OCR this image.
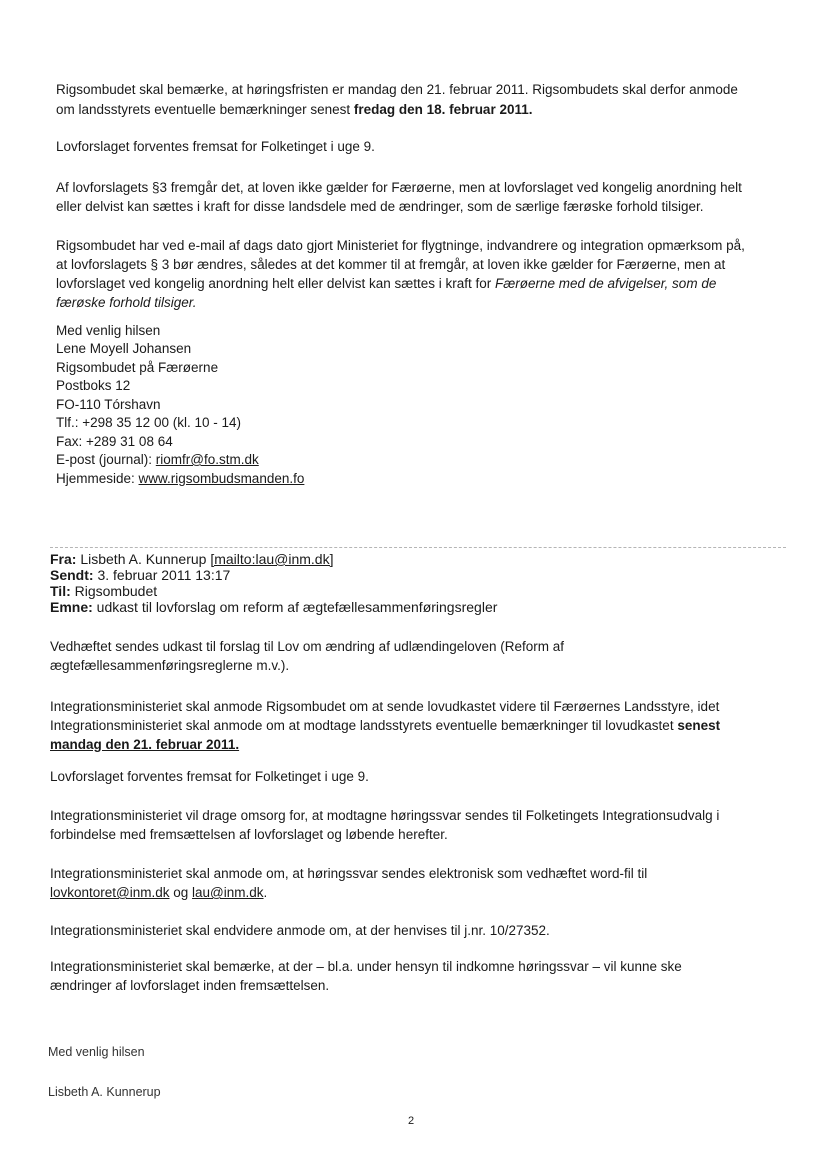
Rigsombudet skal bemærke, at høringsfristen er mandag den 21. februar 2011. Rigsombudets skal derfor anmode
om landsstyrets eventuelle bemærkninger senest fredag den 18. februar 2011.
Lovforslaget forventes fremsat for Folketinget i uge 9.
Af lovforslagets §3 fremgår det, at loven ikke gælder for Færøerne, men at lovforslaget ved kongelig anordning helt
eller delvist kan sættes i kraft for disse landsdele med de ændringer, som de særlige færøske forhold tilsiger.
Rigsombudet har ved e-mail af dags dato gjort Ministeriet for flygtninge, indvandrere og integration opmærksom på,
at lovforslagets § 3 bør ændres, således at det kommer til at fremgår, at loven ikke gælder for Færøerne, men at
lovforslaget ved kongelig anordning helt eller delvist kan sættes i kraft for Færøerne med de afvigelser, som de
færøske forhold tilsiger.
Med venlig hilsen
Lene Moyell Johansen
Rigsombudet på Færøerne
Postboks 12
FO-110 Tórshavn
Tlf.: +298 35 12 00 (kl. 10 - 14)
Fax: +289 31 08 64
E-post (journal): riomfr@fo.stm.dk
Hjemmeside: www.rigsombudsmanden.fo
Fra: Lisbeth A. Kunnerup [mailto:lau@inm.dk]
Sendt: 3. februar 2011 13:17
Til: Rigsombudet
Emne: udkast til lovforslag om reform af ægtefællesammenføringsregler
Vedhæftet sendes udkast til forslag til Lov om ændring af udlændingeloven (Reform af
ægtefællesammenføringsreglerne m.v.).
Integrationsministeriet skal anmode Rigsombudet om at sende lovudkastet videre til Færøernes Landsstyre, idet
Integrationsministeriet skal anmode om at modtage landsstyrets eventuelle bemærkninger til lovudkastet senest
mandag den 21. februar 2011.
Lovforslaget forventes fremsat for Folketinget i uge 9.
Integrationsministeriet vil drage omsorg for, at modtagne høringssvar sendes til Folketingets Integrationsudvalg i
forbindelse med fremsættelsen af lovforslaget og løbende herefter.
Integrationsministeriet skal anmode om, at høringssvar sendes elektronisk som vedhæftet word-fil til
lovkontoret@inm.dk og lau@inm.dk.
Integrationsministeriet skal endvidere anmode om, at der henvises til j.nr. 10/27352.
Integrationsministeriet skal bemærke, at der – bl.a. under hensyn til indkomne høringssvar – vil kunne ske
ændringer af lovforslaget inden fremsættelsen.
Med venlig hilsen
Lisbeth A. Kunnerup
2
